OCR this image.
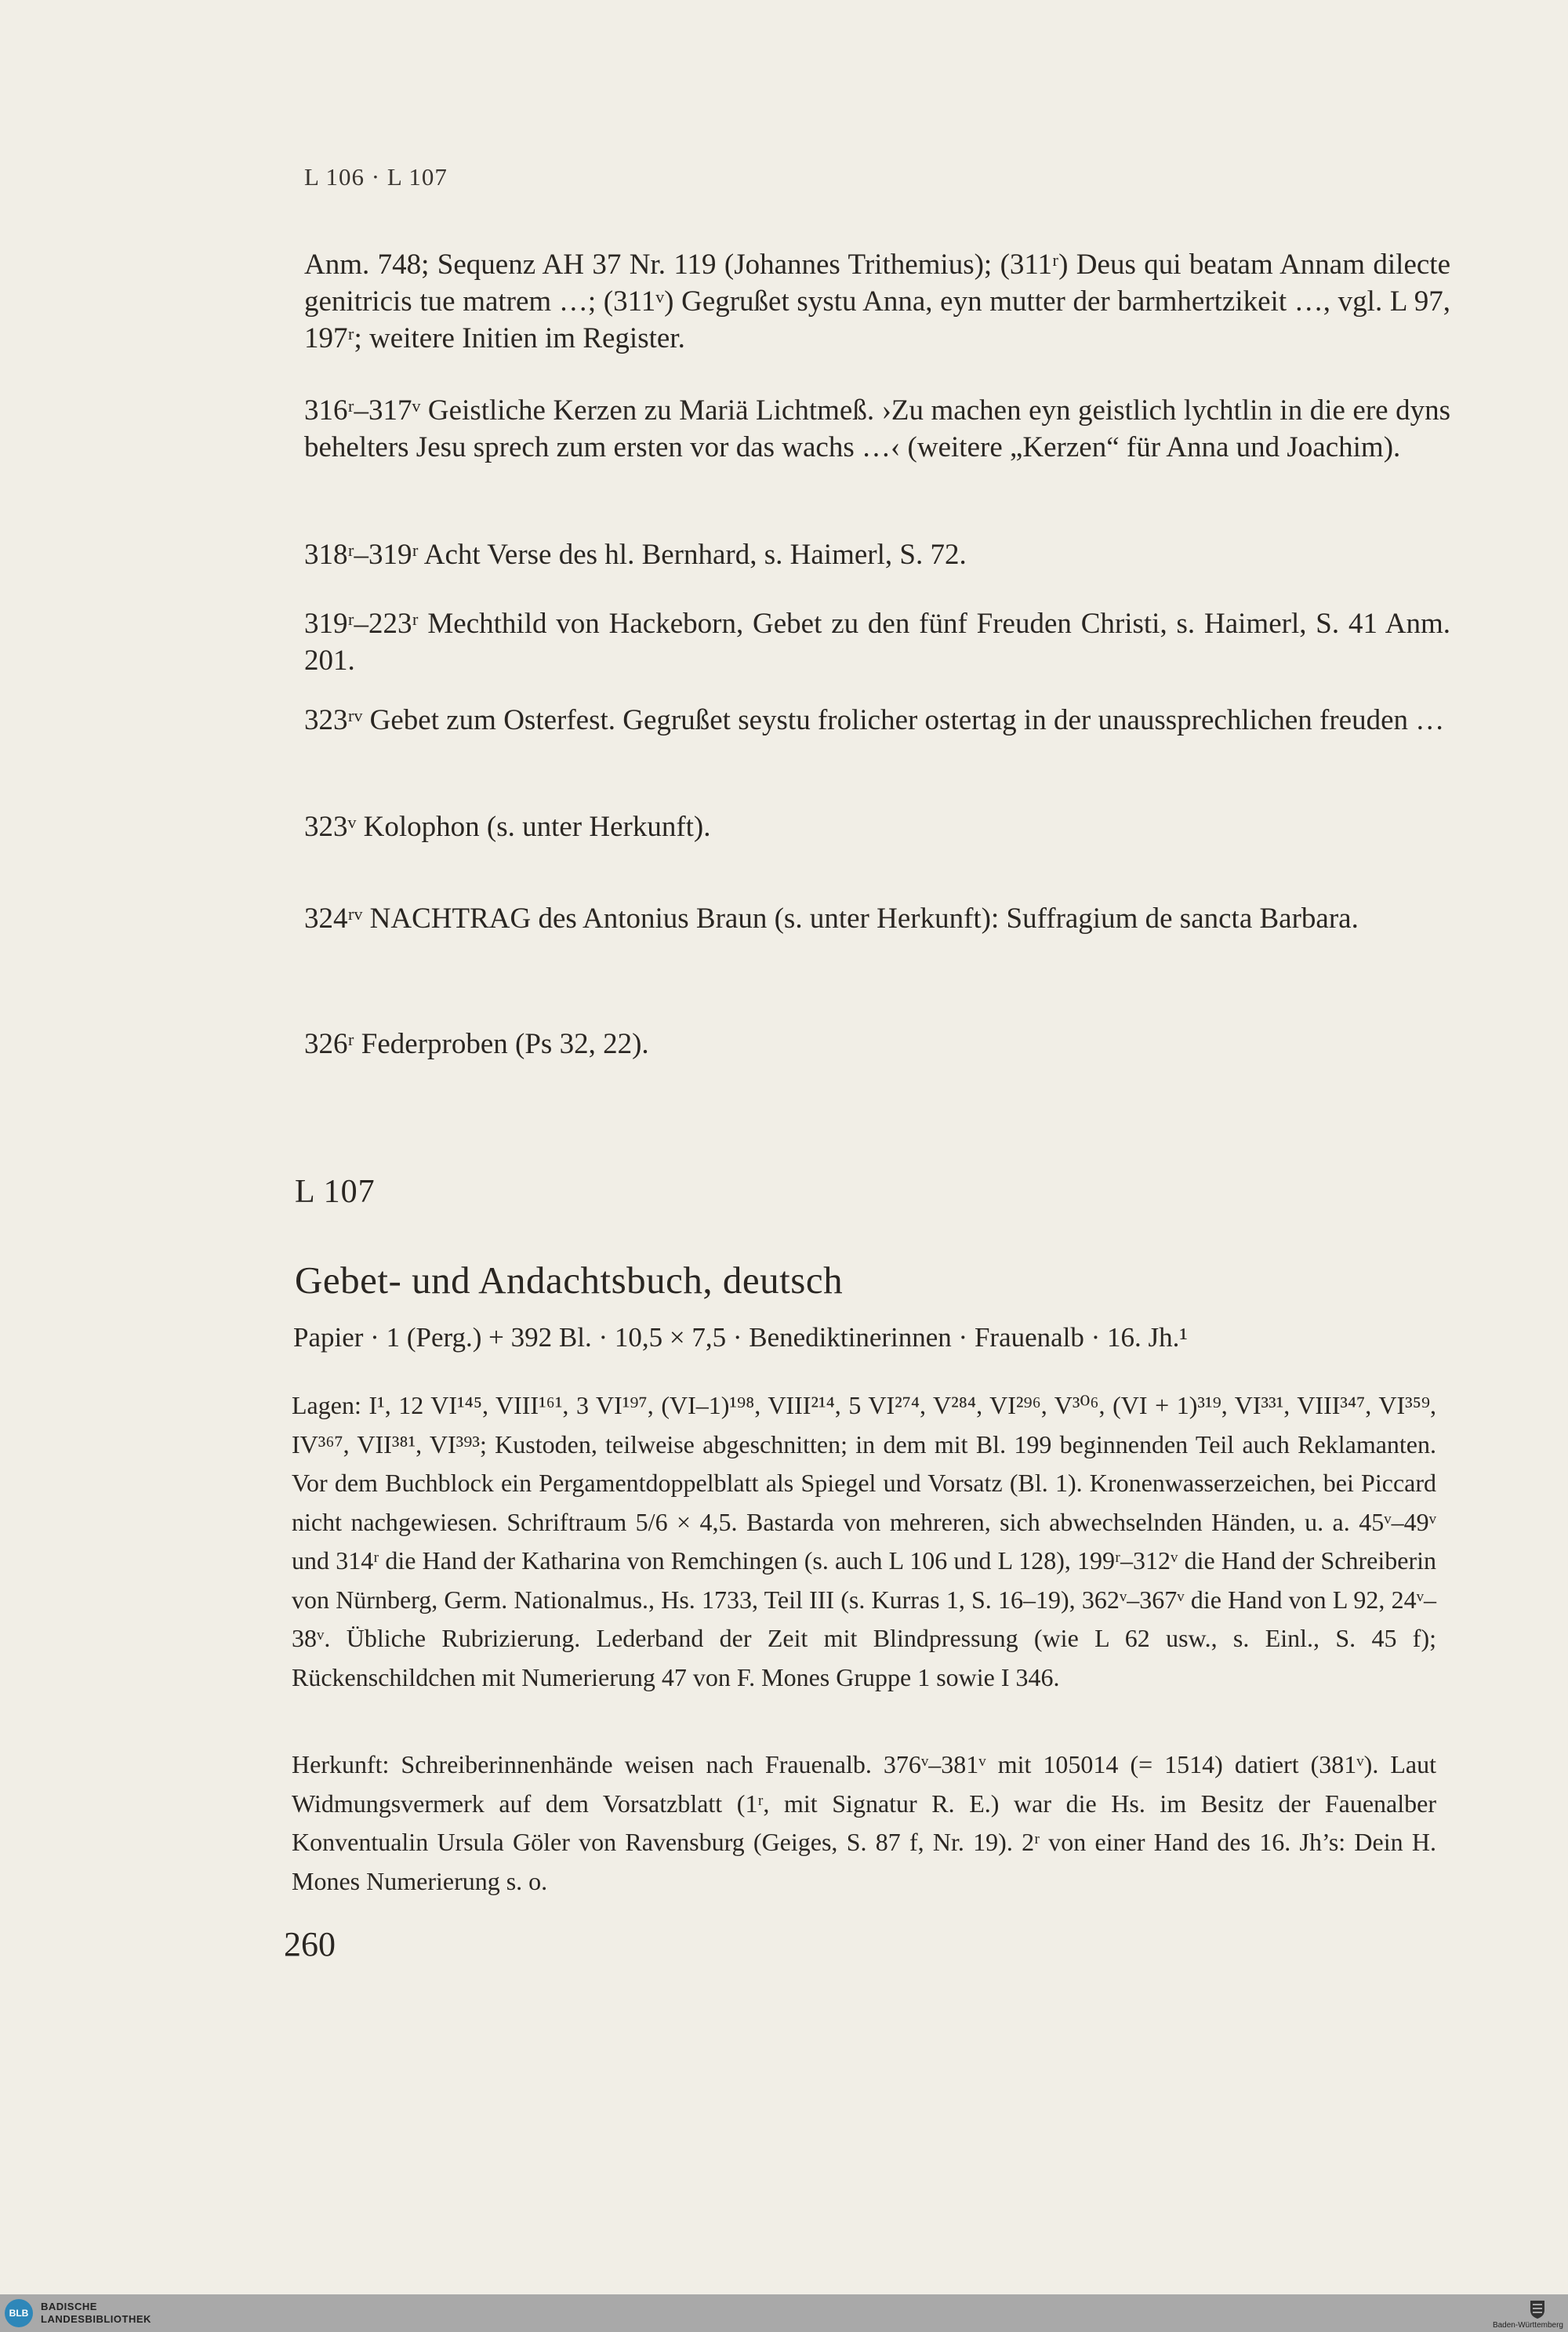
L 106 · L 107
Anm. 748; Sequenz AH 37 Nr. 119 (Johannes Trithemius); (311ʳ) Deus qui beatam Annam dilecte genitricis tue matrem …; (311ᵛ) Gegrußet systu Anna, eyn mutter der barmhertzikeit …, vgl. L 97, 197ʳ; weitere Initien im Register.
316ʳ–317ᵛ Geistliche Kerzen zu Mariä Lichtmeß. ›Zu machen eyn geistlich lychtlin in die ere dyns behelters Jesu sprech zum ersten vor das wachs …‹ (weitere „Kerzen“ für Anna und Joachim).
318ʳ–319ʳ Acht Verse des hl. Bernhard, s. Haimerl, S. 72.
319ʳ–223ʳ Mechthild von Hackeborn, Gebet zu den fünf Freuden Christi, s. Haimerl, S. 41 Anm. 201.
323ʳᵛ Gebet zum Osterfest. Gegrußet seystu frolicher ostertag in der unaussprechlichen freuden …
323ᵛ Kolophon (s. unter Herkunft).
324ʳᵛ NACHTRAG des Antonius Braun (s. unter Herkunft): Suffragium de sancta Barbara.
326ʳ Federproben (Ps 32, 22).
L 107
Gebet- und Andachtsbuch, deutsch
Papier · 1 (Perg.) + 392 Bl. · 10,5 × 7,5 · Benediktinerinnen · Frauenalb · 16. Jh.¹
Lagen: I¹, 12 VI¹⁴⁵, VIII¹⁶¹, 3 VI¹⁹⁷, (VI–1)¹⁹⁸, VIII²¹⁴, 5 VI²⁷⁴, V²⁸⁴, VI²⁹⁶, V³⁰⁶, (VI + 1)³¹⁹, VI³³¹, VIII³⁴⁷, VI³⁵⁹, IV³⁶⁷, VII³⁸¹, VI³⁹³; Kustoden, teilweise abgeschnitten; in dem mit Bl. 199 beginnenden Teil auch Reklamanten. Vor dem Buchblock ein Pergamentdoppelblatt als Spiegel und Vorsatz (Bl. 1). Kronenwasserzeichen, bei Piccard nicht nachgewiesen. Schriftraum 5/6 × 4,5. Bastarda von mehreren, sich abwechselnden Händen, u. a. 45ᵛ–49ᵛ und 314ʳ die Hand der Katharina von Remchingen (s. auch L 106 und L 128), 199ʳ–312ᵛ die Hand der Schreiberin von Nürnberg, Germ. Nationalmus., Hs. 1733, Teil III (s. Kurras 1, S. 16–19), 362ᵛ–367ᵛ die Hand von L 92, 24ᵛ–38ᵛ. Übliche Rubrizierung. Lederband der Zeit mit Blindpressung (wie L 62 usw., s. Einl., S. 45 f); Rückenschildchen mit Numerierung 47 von F. Mones Gruppe 1 sowie I 346.
Herkunft: Schreiberinnenhände weisen nach Frauenalb. 376ᵛ–381ᵛ mit 105014 (= 1514) datiert (381ᵛ). Laut Widmungsvermerk auf dem Vorsatzblatt (1ʳ, mit Signatur R. E.) war die Hs. im Besitz der Fauenalber Konventualin Ursula Göler von Ravensburg (Geiges, S. 87 f, Nr. 19). 2ʳ von einer Hand des 16. Jh’s: Dein H. Mones Numerierung s. o.
260
BLB
BADISCHE
LANDESBIBLIOTHEK
Baden-Württemberg
